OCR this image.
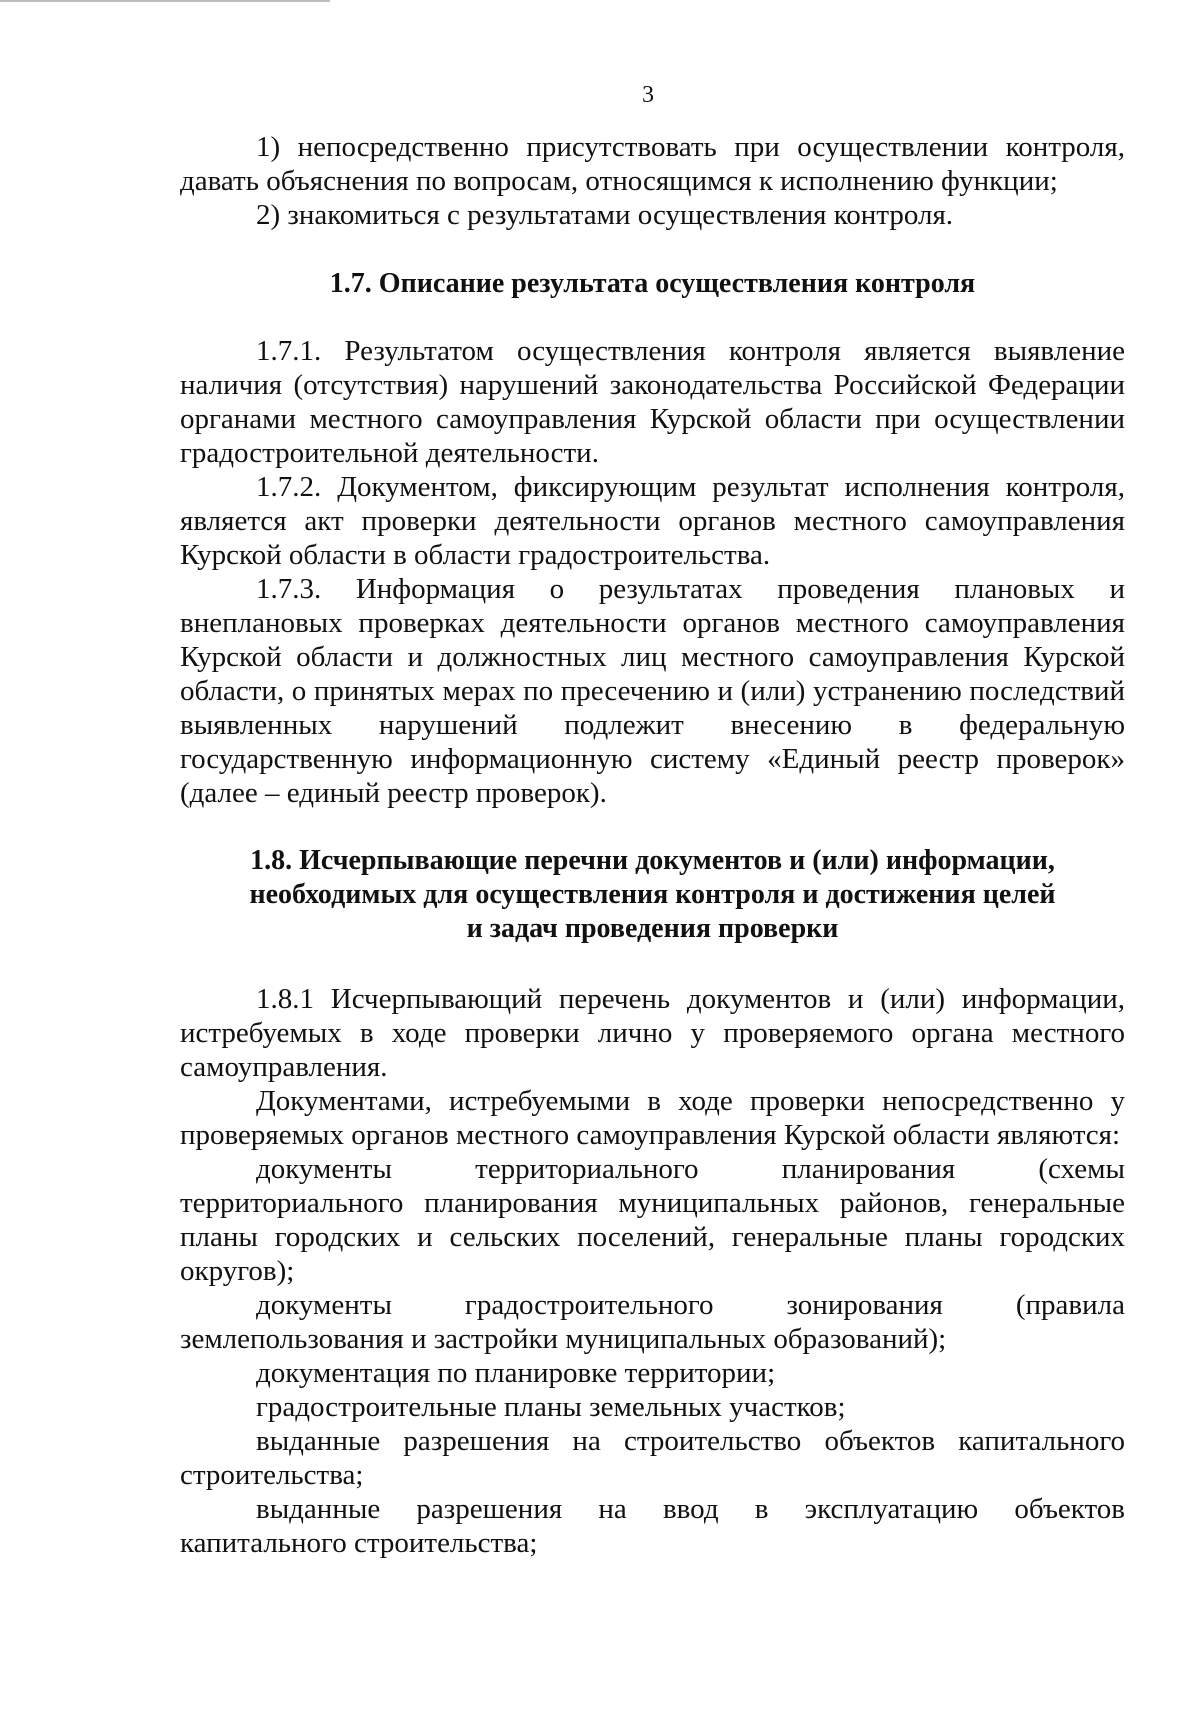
3

1) непосредственно присутствовать при осуществлении контроля, давать объяснения по вопросам, относящимся к исполнению функции;

2) знакомиться с результатами осуществления контроля.

1.7. Описание результата осуществления контроля

1.7.1. Результатом осуществления контроля является выявление наличия (отсутствия) нарушений законодательства Российской Федерации органами местного самоуправления Курской области при осуществлении градостроительной деятельности.

1.7.2. Документом, фиксирующим результат исполнения контроля, является акт проверки деятельности органов местного самоуправления Курской области в области градостроительства.

1.7.3. Информация о результатах проведения плановых и внеплановых проверках деятельности органов местного самоуправления Курской области и должностных лиц местного самоуправления Курской области, о принятых мерах по пресечению и (или) устранению последствий выявленных нарушений подлежит внесению в федеральную государственную информационную систему «Единый реестр проверок» (далее – единый реестр проверок).

1.8. Исчерпывающие перечни документов и (или) информации,
необходимых для осуществления контроля и достижения целей
и задач проведения проверки

1.8.1 Исчерпывающий перечень документов и (или) информации, истребуемых в ходе проверки лично у проверяемого органа местного самоуправления.

Документами, истребуемыми в ходе проверки непосредственно у проверяемых органов местного самоуправления Курской области являются:

документы территориального планирования (схемы территориального планирования муниципальных районов, генеральные планы городских и сельских поселений, генеральные планы городских округов);

документы градостроительного зонирования (правила землепользования и застройки муниципальных образований);

документация по планировке территории;

градостроительные планы земельных участков;

выданные разрешения на строительство объектов капитального строительства;

выданные разрешения на ввод в эксплуатацию объектов капитального строительства;
